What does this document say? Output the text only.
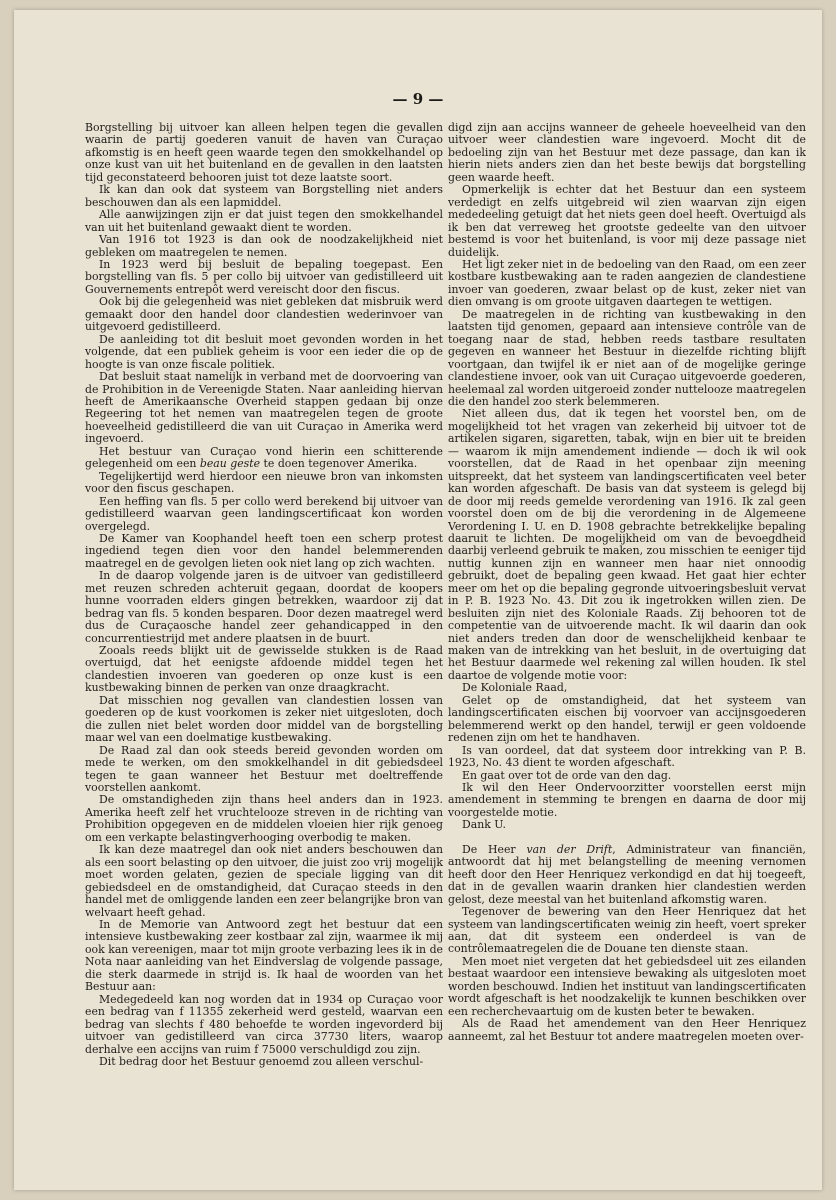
— 9 —

Borgstelling bij uitvoer kan alleen helpen tegen die gevallen waarin de partij goederen vanuit de haven van Curaçao afkomstig is en heeft geen waarde tegen den smokkelhandel op onze kust van uit het buitenland en de gevallen in den laatsten tijd geconstateerd behooren juist tot deze laatste soort.

Ik kan dan ook dat systeem van Borgstelling niet anders beschouwen dan als een lapmiddel.

Alle aanwijzingen zijn er dat juist tegen den smokkelhandel van uit het buitenland gewaakt dient te worden.

Van 1916 tot 1923 is dan ook de noodzakelijkheid niet gebleken om maatregelen te nemen.

In 1923 werd bij besluit de bepaling toegepast. Een borgstelling van fls. 5 per collo bij uitvoer van gedistilleerd uit Gouvernements entrepôt werd vereischt door den fiscus.

Ook bij die gelegenheid was niet gebleken dat misbruik werd gemaakt door den handel door clandestien wederinvoer van uitgevoerd gedistilleerd.

De aanleiding tot dit besluit moet gevonden worden in het volgende, dat een publiek geheim is voor een ieder die op de hoogte is van onze fiscale politiek.

Dat besluit staat namelijk in verband met de doorvoering van de Prohibition in de Vereenigde Staten. Naar aanleiding hiervan heeft de Amerikaansche Overheid stappen gedaan bij onze Regeering tot het nemen van maatregelen tegen de groote hoeveelheid gedistilleerd die van uit Curaçao in Amerika werd ingevoerd.

Het bestuur van Curaçao vond hierin een schitterende gelegenheid om een beau geste te doen tegenover Amerika.

Tegelijkertijd werd hierdoor een nieuwe bron van inkomsten voor den fiscus geschapen.

Een heffing van fls. 5 per collo werd berekend bij uitvoer van gedistilleerd waarvan geen landingscertificaat kon worden overgelegd.

De Kamer van Koophandel heeft toen een scherp protest ingediend tegen dien voor den handel belemmerenden maatregel en de gevolgen lieten ook niet lang op zich wachten.

In de daarop volgende jaren is de uitvoer van gedistilleerd met reuzen schreden achteruit gegaan, doordat de koopers hunne voorraden elders gingen betrekken, waardoor zij dat bedrag van fls. 5 konden besparen. Door dezen maatregel werd dus de Curaçaosche handel zeer gehandicapped in den concurrentiestrijd met andere plaatsen in de buurt.

Zooals reeds blijkt uit de gewisselde stukken is de Raad overtuigd, dat het eenigste afdoende middel tegen het clandestien invoeren van goederen op onze kust is een kustbewaking binnen de perken van onze draagkracht.

Dat misschien nog gevallen van clandestien lossen van goederen op de kust voorkomen is zeker niet uitgesloten, doch die zullen niet belet worden door middel van de borgstelling maar wel van een doelmatige kustbewaking.

De Raad zal dan ook steeds bereid gevonden worden om mede te werken, om den smokkelhandel in dit gebiedsdeel tegen te gaan wanneer het Bestuur met doeltreffende voorstellen aankomt.

De omstandigheden zijn thans heel anders dan in 1923. Amerika heeft zelf het vruchtelooze streven in de richting van Prohibition opgegeven en de middelen vloeien hier rijk genoeg om een verkapte belastingverhooging overbodig te maken.

Ik kan deze maatregel dan ook niet anders beschouwen dan als een soort belasting op den uitvoer, die juist zoo vrij mogelijk moet worden gelaten, gezien de speciale ligging van dit gebiedsdeel en de omstandigheid, dat Curaçao steeds in den handel met de omliggende landen een zeer belangrijke bron van welvaart heeft gehad.

In de Memorie van Antwoord zegt het bestuur dat een intensieve kustbewaking zeer kostbaar zal zijn, waarmee ik mij ook kan vereenigen, maar tot mijn groote verbazing lees ik in de Nota naar aanleiding van het Eindverslag de volgende passage, die sterk daarmede in strijd is. Ik haal de woorden van het Bestuur aan:

Medegedeeld kan nog worden dat in 1934 op Curaçao voor een bedrag van f 11355 zekerheid werd gesteld, waarvan een bedrag van slechts f 480 behoefde te worden ingevorderd bij uitvoer van gedistilleerd van circa 37730 liters, waarop derhalve een accijns van ruim f 75000 verschuldigd zou zijn.

Dit bedrag door het Bestuur genoemd zou alleen verschul-

digd zijn aan accijns wanneer de geheele hoeveelheid van den uitvoer weer clandestien ware ingevoerd. Mocht dit de bedoeling zijn van het Bestuur met deze passage, dan kan ik hierin niets anders zien dan het beste bewijs dat borgstelling geen waarde heeft.

Opmerkelijk is echter dat het Bestuur dan een systeem verdedigt en zelfs uitgebreid wil zien waarvan zijn eigen mededeeling getuigt dat het niets geen doel heeft. Overtuigd als ik ben dat verreweg het grootste gedeelte van den uitvoer bestemd is voor het buitenland, is voor mij deze passage niet duidelijk.

Het ligt zeker niet in de bedoeling van den Raad, om een zeer kostbare kustbewaking aan te raden aangezien de clandestiene invoer van goederen, zwaar belast op de kust, zeker niet van dien omvang is om groote uitgaven daartegen te wettigen.

De maatregelen in de richting van kustbewaking in den laatsten tijd genomen, gepaard aan intensieve contrôle van de toegang naar de stad, hebben reeds tastbare resultaten gegeven en wanneer het Bestuur in diezelfde richting blijft voortgaan, dan twijfel ik er niet aan of de mogelijke geringe clandestiene invoer, ook van uit Curaçao uitgevoerde goederen, heelemaal zal worden uitgeroeid zonder nuttelooze maatregelen die den handel zoo sterk belemmeren.

Niet alleen dus, dat ik tegen het voorstel ben, om de mogelijkheid tot het vragen van zekerheid bij uitvoer tot de artikelen sigaren, sigaretten, tabak, wijn en bier uit te breiden — waarom ik mijn amendement indiende — doch ik wil ook voorstellen, dat de Raad in het openbaar zijn meening uitspreekt, dat het systeem van landingscertificaten veel beter kan worden afgeschaft. De basis van dat systeem is gelegd bij de door mij reeds gemelde verordening van 1916. Ik zal geen voorstel doen om de bij die verordening in de Algemeene Verordening I. U. en D. 1908 gebrachte betrekkelijke bepaling daaruit te lichten. De mogelijkheid om van de bevoegdheid daarbij verleend gebruik te maken, zou misschien te eeniger tijd nuttig kunnen zijn en wanneer men haar niet onnoodig gebruikt, doet de bepaling geen kwaad. Het gaat hier echter meer om het op die bepaling gegronde uitvoeringsbesluit vervat in P. B. 1923 No. 43. Dit zou ik ingetrokken willen zien. De besluiten zijn niet des Koloniale Raads. Zij behooren tot de competentie van de uitvoerende macht. Ik wil daarin dan ook niet anders treden dan door de wenschelijkheid kenbaar te maken van de intrekking van het besluit, in de overtuiging dat het Bestuur daarmede wel rekening zal willen houden. Ik stel daartoe de volgende motie voor:

De Koloniale Raad,

Gelet op de omstandigheid, dat het systeem van landingscertificaten eischen bij voorvoer van accijnsgoederen belemmerend werkt op den handel, terwijl er geen voldoende redenen zijn om het te handhaven.

Is van oordeel, dat dat systeem door intrekking van P. B. 1923, No. 43 dient te worden afgeschaft.

En gaat over tot de orde van den dag.

Ik wil den Heer Ondervoorzitter voorstellen eerst mijn amendement in stemming te brengen en daarna de door mij voorgestelde motie.

Dank U.

De Heer van der Drift, Administrateur van financiën, antwoordt dat hij met belangstelling de meening vernomen heeft door den Heer Henriquez verkondigd en dat hij toegeeft, dat in de gevallen waarin dranken hier clandestien werden gelost, deze meestal van het buitenland afkomstig waren.

Tegenover de bewering van den Heer Henriquez dat het systeem van landingscertificaten weinig zin heeft, voert spreker aan, dat dit systeem een onderdeel is van de contrôlemaatregelen die de Douane ten dienste staan.

Men moet niet vergeten dat het gebiedsdeel uit zes eilanden bestaat waardoor een intensieve bewaking als uitgesloten moet worden beschouwd. Indien het instituut van landingscertificaten wordt afgeschaft is het noodzakelijk te kunnen beschikken over een recherchevaartuig om de kusten beter te bewaken.

Als de Raad het amendement van den Heer Henriquez aanneemt, zal het Bestuur tot andere maatregelen moeten over-
